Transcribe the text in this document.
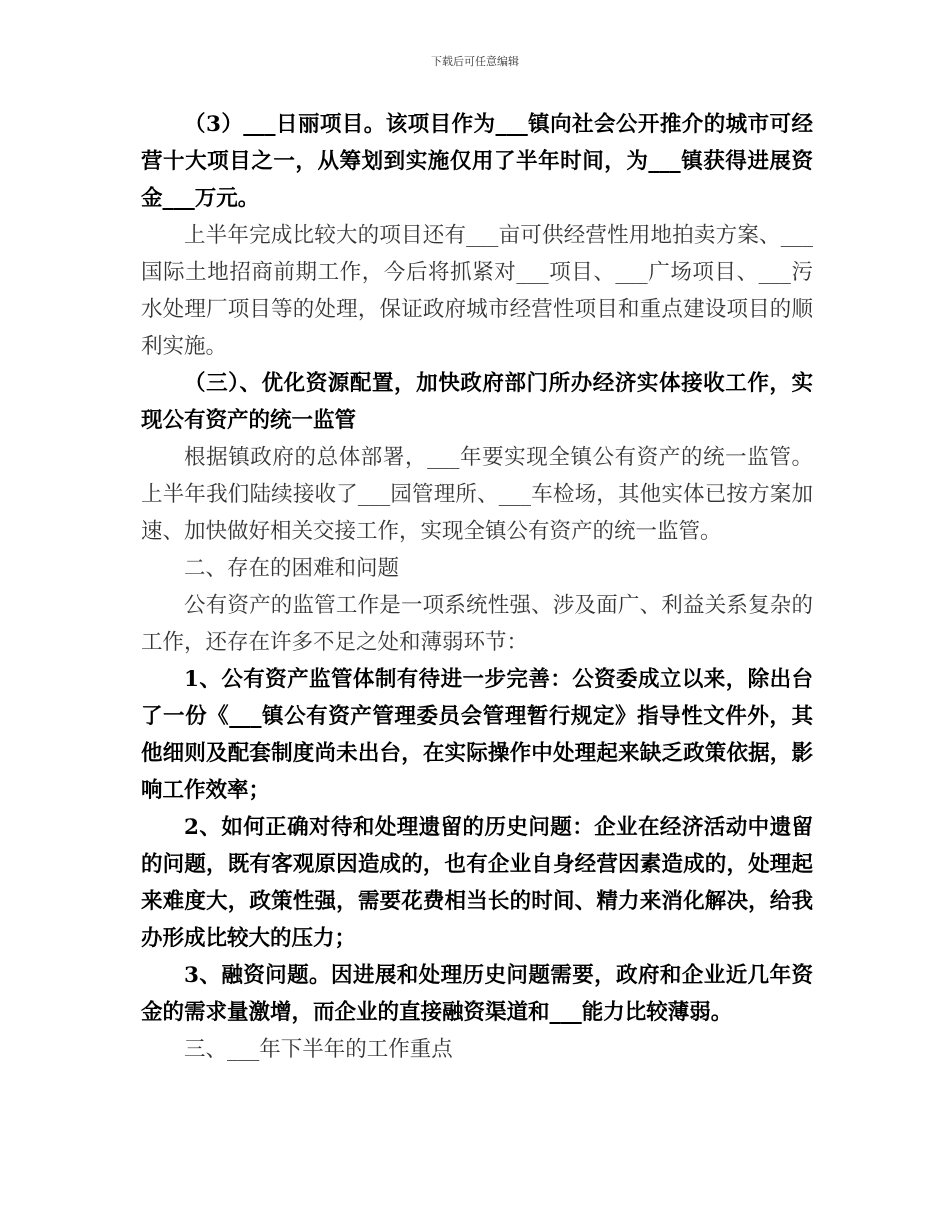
下载后可任意编辑

（3）___日丽项目。该项目作为___镇向社会公开推介的城市可经营十大项目之一，从筹划到实施仅用了半年时间，为___镇获得进展资金___万元。

上半年完成比较大的项目还有___亩可供经营性用地拍卖方案、___国际土地招商前期工作，今后将抓紧对___项目、___广场项目、___污水处理厂项目等的处理，保证政府城市经营性项目和重点建设项目的顺利实施。

（三）、优化资源配置，加快政府部门所办经济实体接收工作，实现公有资产的统一监管

根据镇政府的总体部署，___年要实现全镇公有资产的统一监管。上半年我们陆续接收了___园管理所、___车检场，其他实体已按方案加速、加快做好相关交接工作，实现全镇公有资产的统一监管。

二、存在的困难和问题

公有资产的监管工作是一项系统性强、涉及面广、利益关系复杂的工作，还存在许多不足之处和薄弱环节：

1、公有资产监管体制有待进一步完善：公资委成立以来，除出台了一份《___镇公有资产管理委员会管理暂行规定》指导性文件外，其他细则及配套制度尚未出台，在实际操作中处理起来缺乏政策依据，影响工作效率；

2、如何正确对待和处理遗留的历史问题：企业在经济活动中遗留的问题，既有客观原因造成的，也有企业自身经营因素造成的，处理起来难度大，政策性强，需要花费相当长的时间、精力来消化解决，给我办形成比较大的压力；

3、融资问题。因进展和处理历史问题需要，政府和企业近几年资金的需求量激增，而企业的直接融资渠道和___能力比较薄弱。

三、___年下半年的工作重点
